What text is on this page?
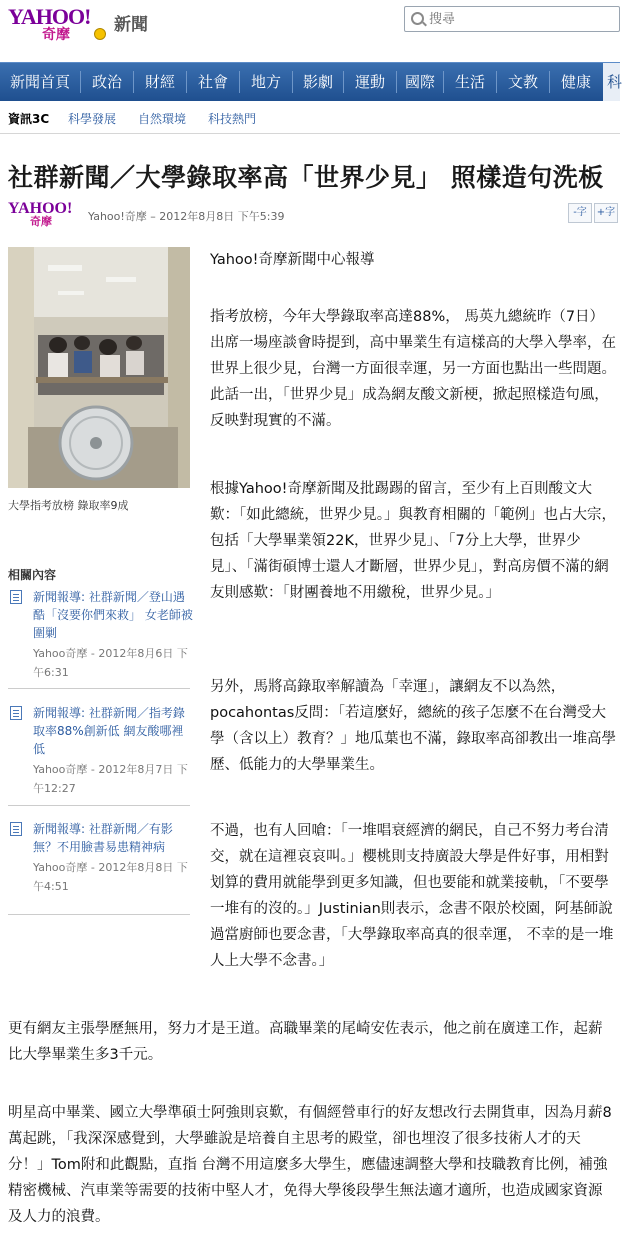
YAHOO!
奇摩	新聞
搜尋
新聞首頁	政治	財經	社會	地方	影劇	運動	國際	生活	文教	健康	科
資訊3C 科學發展 自然環境 科技熱門
社群新聞／大學錄取率高「世界少見」 照樣造句洗板
YAHOO!
奇摩	Yahoo!奇摩 – 2012年8月8日 下午5:39	-字	+字
大學指考放榜 錄取率9成
相關內容
新聞報導: 社群新聞／登山遇酷「沒要你們來救」 女老師被圍剿
Yahoo奇摩 - 2012年8月6日 下午6:31
新聞報導: 社群新聞／指考錄取率88%創新低 網友酸哪裡低
Yahoo奇摩 - 2012年8月7日 下午12:27
新聞報導: 社群新聞／有影無？不用臉書易患精神病
Yahoo奇摩 - 2012年8月8日 下午4:51

Yahoo!奇摩新聞中心報導

指考放榜，今年大學錄取率高達88%， 馬英九總統昨（7日）出席一場座談會時提到，高中畢業生有這樣高的大學入學率，在世界上很少見，台灣一方面很幸運，另一方面也點出一些問題。此話一出，「世界少見」成為網友酸文新梗，掀起照樣造句風，反映對現實的不滿。

根據Yahoo!奇摩新聞及批踢踢的留言，至少有上百則酸文大歎：「如此總統，世界少見。」與教育相關的「範例」也占大宗，包括「大學畢業領22K，世界少見」、「7分上大學，世界少見」、「滿街碩博士還人才斷層，世界少見」，對高房價不滿的網友則感歎：「財團養地不用繳稅，世界少見。」

另外，馬將高錄取率解讀為「幸運」，讓網友不以為然，pocahontas反問：「若這麼好，總統的孩子怎麼不在台灣受大學（含以上）教育？」地瓜葉也不滿，錄取率高卻教出一堆高學歷、低能力的大學畢業生。

不過，也有人回嗆：「一堆唱衰經濟的網民，自己不努力考台清交，就在這裡哀哀叫。」櫻桃則支持廣設大學是件好事，用相對划算的費用就能學到更多知識，但也要能和就業接軌，「不要學一堆有的沒的。」Justinian則表示，念書不限於校園，阿基師說過當廚師也要念書，「大學錄取率高真的很幸運， 不幸的是一堆人上大學不念書。」

更有網友主張學歷無用，努力才是王道。高職畢業的尾崎安佐表示，他之前在廣達工作，起薪比大學畢業生多3千元。

明星高中畢業、國立大學準碩士阿強則哀歎，有個經營車行的好友想改行去開貨車，因為月薪8萬起跳，「我深深感覺到，大學雖說是培養自主思考的殿堂，卻也埋沒了很多技術人才的天分！」Tom附和此觀點，直指 台灣不用這麼多大學生，應儘速調整大學和技職教育比例，補強精密機械、汽車業等需要的技術中堅人才，免得大學後段學生無法適才適所，也造成國家資源及人力的浪費。
